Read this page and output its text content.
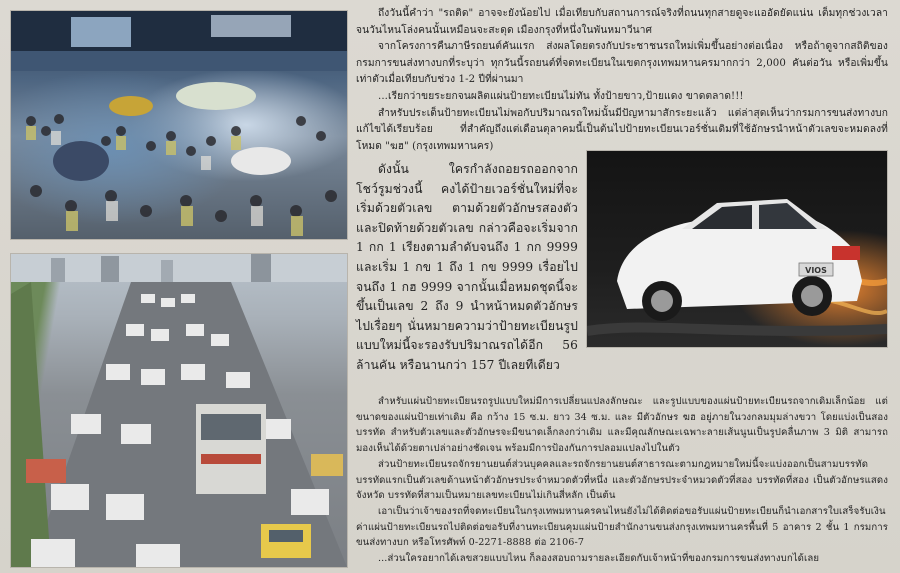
VIOS

ถึงวันนี้คำว่า "รถติด" อาจจะยังน้อยไป เมื่อเทียบกับสถานการณ์จริงที่ถนนทุกสายดูจะแออัดยัดแน่น เต็มทุกช่วงเวลา จนวันไหนโล่งคนนั้นเหมือนจะสะดุด เมืองกรุงที่หนึ่งในพันหมาวีนาศ

จากโครงการคืนภาษีรถยนต์คันแรก ส่งผลโดยตรงกับประชาชนรถใหม่เพิ่มขึ้นอย่างต่อเนื่อง หรือถ้าดูจากสถิติของกรมการขนส่งทางบกที่ระบุว่า ทุกวันนี้รถยนต์ที่จดทะเบียนในเขตกรุงเทพมหานครมากกว่า 2,000 คันต่อวัน หรือเพิ่มขึ้นเท่าตัวเมื่อเทียบกับช่วง 1-2 ปีที่ผ่านมา

...เรียกว่าขยระยกจนผลิตแผ่นป้ายทะเบียนไม่ทัน ทั้งป้ายขาว,ป้ายแดง ขาดตลาด!!!

สำหรับประเด็นป้ายทะเบียนไม่พอกับปริมาณรถใหม่นั้นมีปัญหามาสักระยะแล้ว แต่ล่าสุดเห็นว่ากรมการขนส่งทางบกแก้ไขได้เรียบร้อย ที่สำคัญถึงแต่เดือนตุลาคมนี้เป็นต้นไปป้ายทะเบียนเวอร์ชั่นเดิมที่ใช้อักษรนำหน้าตัวเลขจะหมดลงที่โหมด "ฆฮ" (กรุงเทพมหานคร)

ดังนั้น ใครกำลังถอยรถออกจากโชว์รูมช่วงนี้ คงได้ป้ายเวอร์ชั่นใหม่ที่จะเริ่มด้วยตัวเลข ตามด้วยตัวอักษรสองตัว และปิดท้ายด้วยตัวเลข กล่าวคือจะเริ่มจาก 1 กก 1 เรียงตามลำดับจนถึง 1 กก 9999 และเริ่ม 1 กข 1 ถึง 1 กข 9999 เรื่อยไปจนถึง 1 กฮ 9999 จากนั้นเมื่อหมดชุดนี้จะขึ้นเป็นเลข 2 ถึง 9 นำหน้าหมดตัวอักษรไปเรื่อยๆ นั่นหมายความว่าป้ายทะเบียนรูปแบบใหม่นี้จะรองรับปริมาณรถได้อีก 56 ล้านคัน หรือนานกว่า 157 ปีเลยทีเดียว

สำหรับแผ่นป้ายทะเบียนรถรูปแบบใหม่มีการเปลี่ยนแปลงลักษณะ และรูปแบบของแผ่นป้ายทะเบียนรถจากเดิมเล็กน้อย แต่ขนาดของแผ่นป้ายเท่าเดิม คือ กว้าง 15 ซ.ม. ยาว 34 ซ.ม. และ มีตัวอักษร ฆฮ อยู่ภายในวงกลมมุมล่างขวา โดยแบ่งเป็นสองบรรทัด สำหรับตัวเลขและตัวอักษรจะมีขนาดเล็กลงกว่าเดิม และมีคุณลักษณะเฉพาะลายเส้นนูนเป็นรูปคลื่นภาพ 3 มิติ สามารถมองเห็นได้ด้วยตาเปล่าอย่างชัดเจน พร้อมมีการป้องกันการปลอมแปลงไปในตัว

ส่วนป้ายทะเบียนรถจักรยานยนต์ส่วนบุคคลและรถจักรยานยนต์สาธารณะตามกฎหมายใหม่นี้จะแบ่งออกเป็นสามบรรทัด บรรทัดแรกเป็นตัวเลขด้านหน้าตัวอักษรประจำหมวดตัวที่หนึ่ง และตัวอักษรประจำหมวดตัวที่สอง บรรทัดที่สอง เป็นตัวอักษรแสดงจังหวัด บรรทัดที่สามเป็นหมายเลขทะเบียนไม่เกินสี่หลัก เป็นต้น

เอาเป็นว่าเจ้าของรถที่จดทะเบียนในกรุงเทพมหานครคนไหนยังไม่ได้ติดต่อขอรับแผ่นป้ายทะเบียนก็นำเอกสารใบเสร็จรับเงินค่าแผ่นป้ายทะเบียนรถไปติดต่อขอรับที่งานทะเบียนคุมแผ่นป้ายสำนักงานขนส่งกรุงเทพมหานครพื้นที่ 5 อาคาร 2 ชั้น 1 กรมการขนส่งทางบก หรือโทรศัพท์ 0-2271-8888 ต่อ 2106-7

...ส่วนใครอยากได้เลขสวยแบบไหน ก็ลองสอบถามรายละเอียดกับเจ้าหน้าที่ของกรมการขนส่งทางบกได้เลย
